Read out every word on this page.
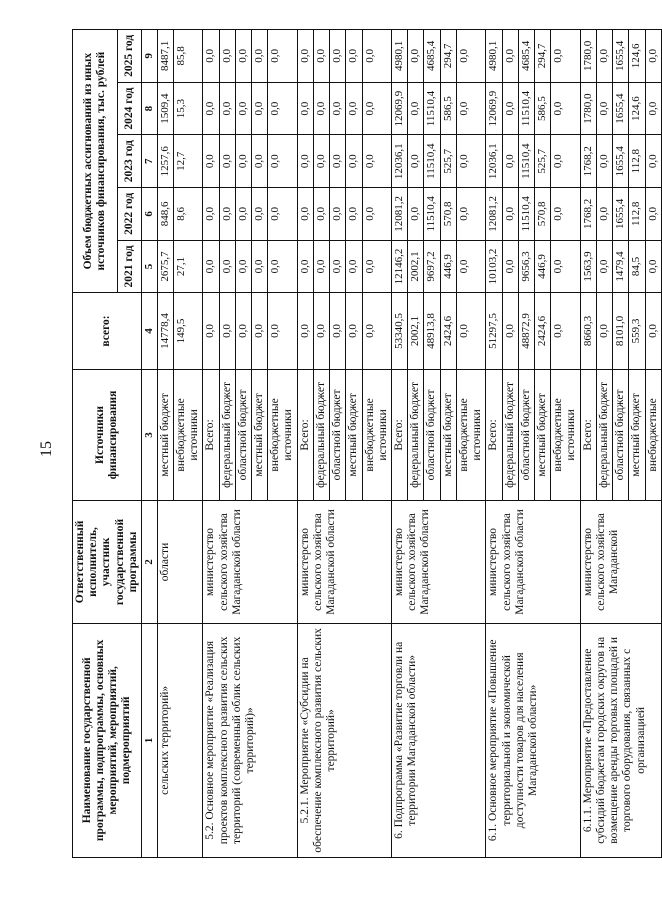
15
Наименование государственной программы, подпрограммы, основных мероприятий, мероприятий, подмероприятий	Ответственный исполнитель, участник государственной программы	Источники финансирования	всего:	Объем бюджетных ассигнований из иных источников финансирования, тыс. рублей				
				2021 год	2022 год	2023 год	2024 год	2025 год
1	2	3	4	5	6	7	8	9
сельских территорий»	области	местный бюджет	14778,4	2675,7	848,6	1257,6	1509,4	8487,1
		внебюджетные источники	149,5	27,1	8,6	12,7	15,3	85,8
5.2. Основное мероприятие «Реализация проектов комплексного развития сельских территорий (современный облик сельских территорий)»	министерство сельского хозяйства Магаданской области	Всего:	0,0	0,0	0,0	0,0	0,0	0,0
		федеральный бюджет	0,0	0,0	0,0	0,0	0,0	0,0
		областной бюджет	0,0	0,0	0,0	0,0	0,0	0,0
		местный бюджет	0,0	0,0	0,0	0,0	0,0	0,0
		внебюджетные источники	0,0	0,0	0,0	0,0	0,0	0,0
5.2.1. Мероприятие «Субсидии на обеспечение комплексного развития сельских территорий»	министерство сельского хозяйства Магаданской области	Всего:	0,0	0,0	0,0	0,0	0,0	0,0
		федеральный бюджет	0,0	0,0	0,0	0,0	0,0	0,0
		областной бюджет	0,0	0,0	0,0	0,0	0,0	0,0
		местный бюджет	0,0	0,0	0,0	0,0	0,0	0,0
		внебюджетные источники	0,0	0,0	0,0	0,0	0,0	0,0
6. Подпрограмма «Развитие торговли на территории Магаданской области»	министерство сельского хозяйства Магаданской области	Всего:	53340,5	12146,2	12081,2	12036,1	12069,9	4980,1
		федеральный бюджет	2002,1	2002,1	0,0	0,0	0,0	0,0
		областной бюджет	48913,8	9697,2	11510,4	11510,4	11510,4	4685,4
		местный бюджет	2424,6	446,9	570,8	525,7	586,5	294,7
		внебюджетные источники	0,0	0,0	0,0	0,0	0,0	0,0
6.1. Основное мероприятие «Повышение территориальной и экономической доступности товаров для населения Магаданской области»	министерство сельского хозяйства Магаданской области	Всего:	51297,5	10103,2	12081,2	12036,1	12069,9	4980,1
		федеральный бюджет	0,0	0,0	0,0	0,0	0,0	0,0
		областной бюджет	48872,9	9656,3	11510,4	11510,4	11510,4	4685,4
		местный бюджет	2424,6	446,9	570,8	525,7	586,5	294,7
		внебюджетные источники	0,0	0,0	0,0	0,0	0,0	0,0
6.1.1. Мероприятие «Предоставление субсидий бюджетам городских округов на возмещение аренды торговых площадей и торгового оборудования, связанных с организацией	министерство сельского хозяйства Магаданской	Всего:	8660,3	1563,9	1768,2	1768,2	1780,0	1780,0
		федеральный бюджет	0,0	0,0	0,0	0,0	0,0	0,0
		областной бюджет	8101,0	1479,4	1655,4	1655,4	1655,4	1655,4
		местный бюджет	559,3	84,5	112,8	112,8	124,6	124,6
		внебюджетные	0,0	0,0	0,0	0,0	0,0	0,0
